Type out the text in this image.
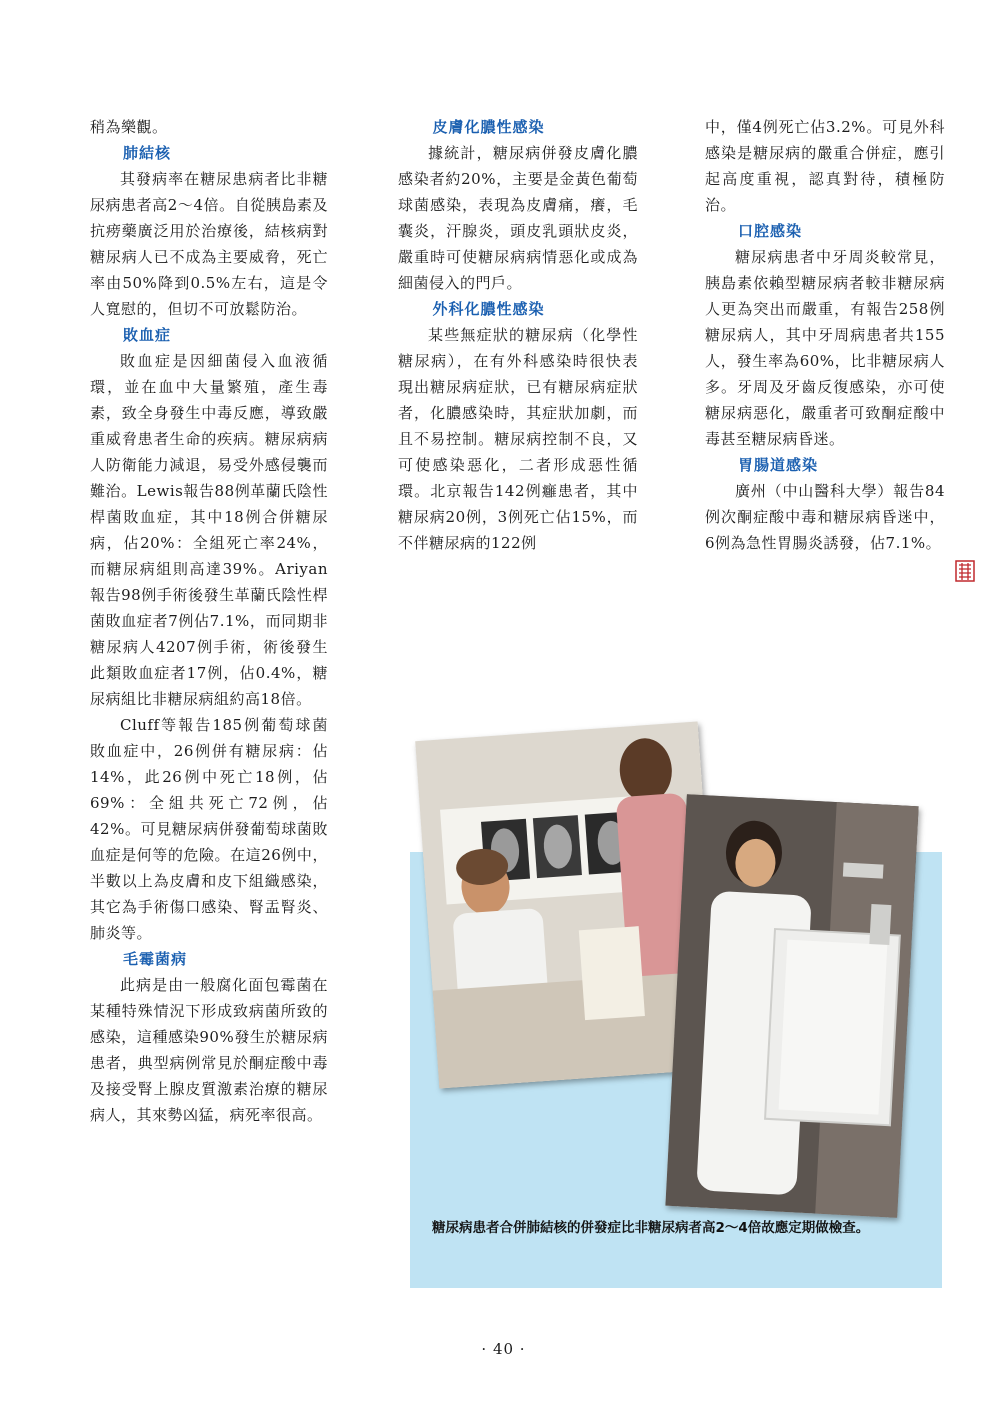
稍為樂觀。

肺結核

其發病率在糖尿患病者比非糖尿病患者高2～4倍。自從胰島素及抗痨藥廣泛用於治療後，結核病對糖尿病人已不成為主要威脅，死亡率由50%降到0.5%左右，這是令人寬慰的，但切不可放鬆防治。

敗血症

敗血症是因細菌侵入血液循環，並在血中大量繁殖，產生毒素，致全身發生中毒反應，導致嚴重威脅患者生命的疾病。糖尿病病人防衛能力減退，易受外感侵襲而難治。Lewis報告88例革蘭氏陰性桿菌敗血症，其中18例合併糖尿病，佔20%：全組死亡率24%，而糖尿病組則高達39%。Ariyan報告98例手術後發生革蘭氏陰性桿菌敗血症者7例佔7.1%，而同期非糖尿病人4207例手術，術後發生此類敗血症者17例，佔0.4%，糖尿病組比非糖尿病組約高18倍。

Cluff等報告185例葡萄球菌敗血症中，26例併有糖尿病：佔14%，此26例中死亡18例，佔69%：全組共死亡72例，佔42%。可見糖尿病併發葡萄球菌敗血症是何等的危險。在這26例中，半數以上為皮膚和皮下組織感染，其它為手術傷口感染、腎盂腎炎、肺炎等。

毛霉菌病

此病是由一般腐化面包霉菌在某種特殊情況下形成致病菌所致的感染，這種感染90%發生於糖尿病患者，典型病例常見於酮症酸中毒及接受腎上腺皮質激素治療的糖尿病人，其來勢凶猛，病死率很高。

皮膚化膿性感染

據統計，糖尿病併發皮膚化膿感染者約20%，主要是金黃色葡萄球菌感染，表現為皮膚痛，癢，毛囊炎，汗腺炎，頭皮乳頭狀皮炎，嚴重時可使糖尿病病情惡化或成為細菌侵入的門戶。

外科化膿性感染

某些無症狀的糖尿病（化學性糖尿病），在有外科感染時很快表現出糖尿病症狀，已有糖尿病症狀者，化膿感染時，其症狀加劇，而且不易控制。糖尿病控制不良，又可使感染惡化，二者形成惡性循環。北京報告142例癰患者，其中糖尿病20例，3例死亡佔15%，而不伴糖尿病的122例

中，僅4例死亡佔3.2%。可見外科感染是糖尿病的嚴重合併症，應引起高度重視，認真對待，積極防治。

口腔感染

糖尿病患者中牙周炎較常見，胰島素依賴型糖尿病者較非糖尿病人更為突出而嚴重，有報告258例糖尿病人，其中牙周病患者共155人，發生率為60%，比非糖尿病人多。牙周及牙齒反復感染，亦可使糖尿病惡化，嚴重者可致酮症酸中毒甚至糖尿病昏迷。

胃腸道感染

廣州（中山醫科大學）報告84例次酮症酸中毒和糖尿病昏迷中，6例為急性胃腸炎誘發，佔7.1%。

糖尿病患者合併肺結核的併發症比非糖尿病者高2～4倍故應定期做檢查。
· 40 ·
